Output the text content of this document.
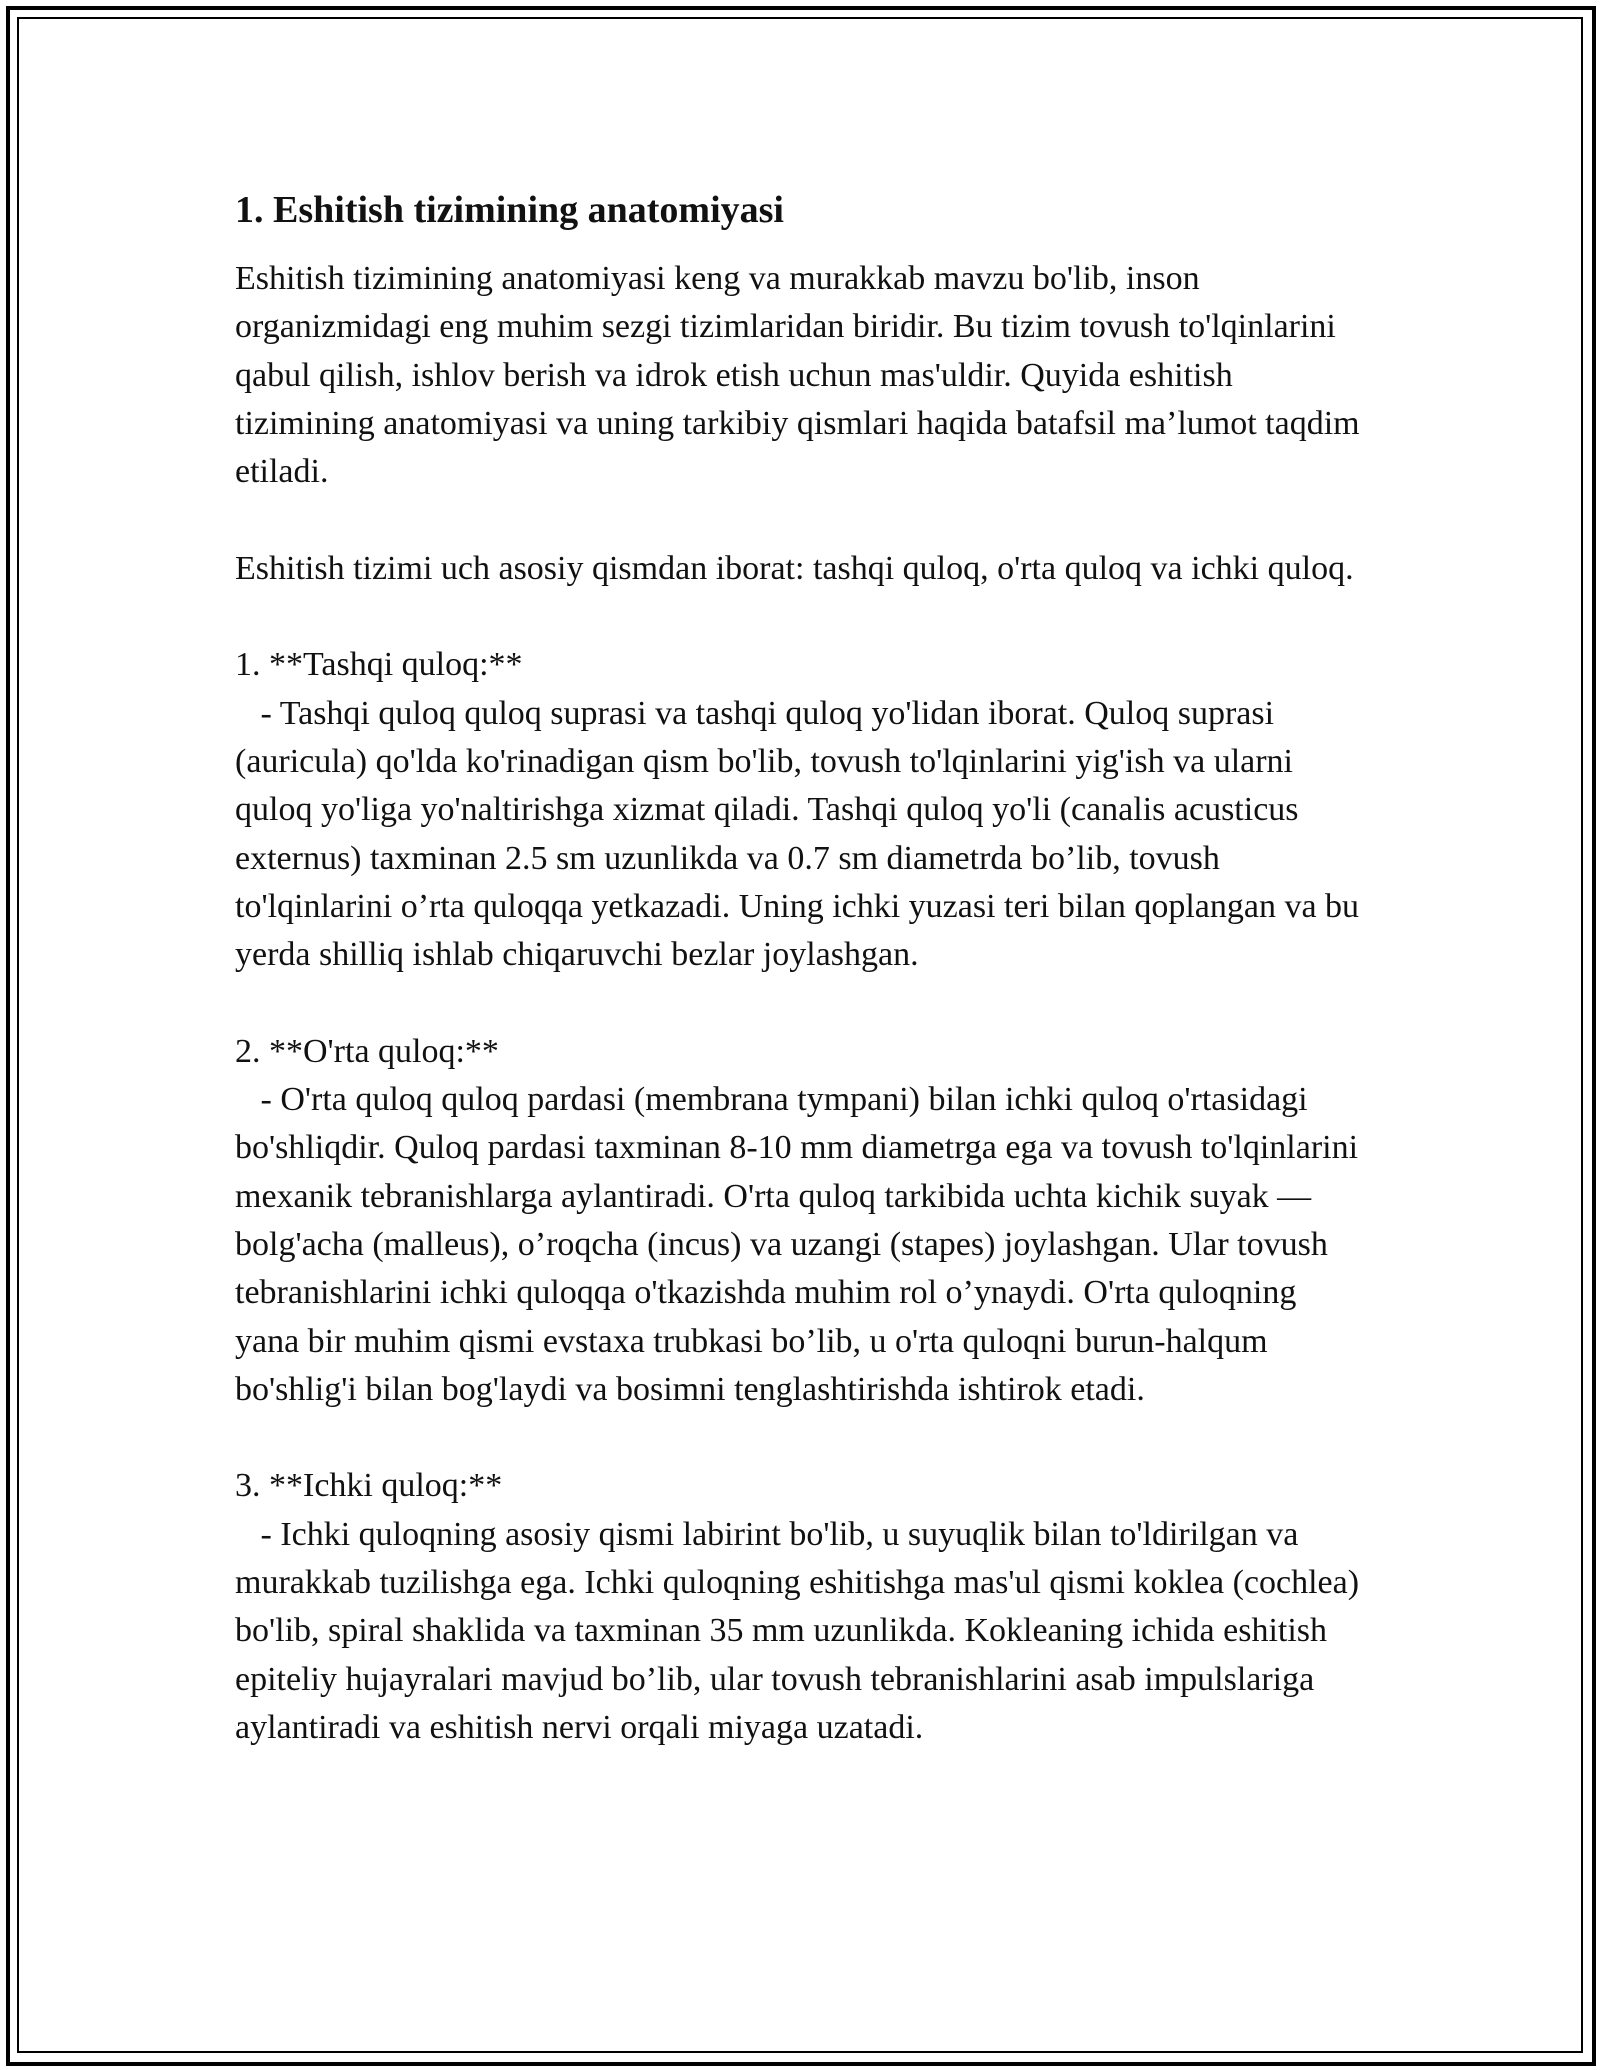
1. Eshitish tizimining anatomiyasi

Eshitish tizimining anatomiyasi keng va murakkab mavzu bo'lib, inson organizmidagi eng muhim sezgi tizimlaridan biridir. Bu tizim tovush to'lqinlarini qabul qilish, ishlov berish va idrok etish uchun mas'uldir. Quyida eshitish tizimining anatomiyasi va uning tarkibiy qismlari haqida batafsil ma’lumot taqdim etiladi.

Eshitish tizimi uch asosiy qismdan iborat: tashqi quloq, o'rta quloq va ichki quloq.

1. **Tashqi quloq:**

- Tashqi quloq quloq suprasi va tashqi quloq yo'lidan iborat. Quloq suprasi (auricula) qo'lda ko'rinadigan qism bo'lib, tovush to'lqinlarini yig'ish va ularni quloq yo'liga yo'naltirishga xizmat qiladi. Tashqi quloq yo'li (canalis acusticus externus) taxminan 2.5 sm uzunlikda va 0.7 sm diametrda bo’lib, tovush to'lqinlarini o’rta quloqqa yetkazadi. Uning ichki yuzasi teri bilan qoplangan va bu yerda shilliq ishlab chiqaruvchi bezlar joylashgan.

2. **O'rta quloq:**

- O'rta quloq quloq pardasi (membrana tympani) bilan ichki quloq o'rtasidagi bo'shliqdir. Quloq pardasi taxminan 8-10 mm diametrga ega va tovush to'lqinlarini mexanik tebranishlarga aylantiradi. O'rta quloq tarkibida uchta kichik suyak — bolg'acha (malleus), o’roqcha (incus) va uzangi (stapes) joylashgan. Ular tovush tebranishlarini ichki quloqqa o'tkazishda muhim rol o’ynaydi. O'rta quloqning yana bir muhim qismi evstaxa trubkasi bo’lib, u o'rta quloqni burun-halqum bo'shlig'i bilan bog'laydi va bosimni tenglashtirishda ishtirok etadi.

3. **Ichki quloq:**

- Ichki quloqning asosiy qismi labirint bo'lib, u suyuqlik bilan to'ldirilgan va murakkab tuzilishga ega. Ichki quloqning eshitishga mas'ul qismi koklea (cochlea) bo'lib, spiral shaklida va taxminan 35 mm uzunlikda. Kokleaning ichida eshitish epiteliy hujayralari mavjud bo’lib, ular tovush tebranishlarini asab impulslariga aylantiradi va eshitish nervi orqali miyaga uzatadi.
